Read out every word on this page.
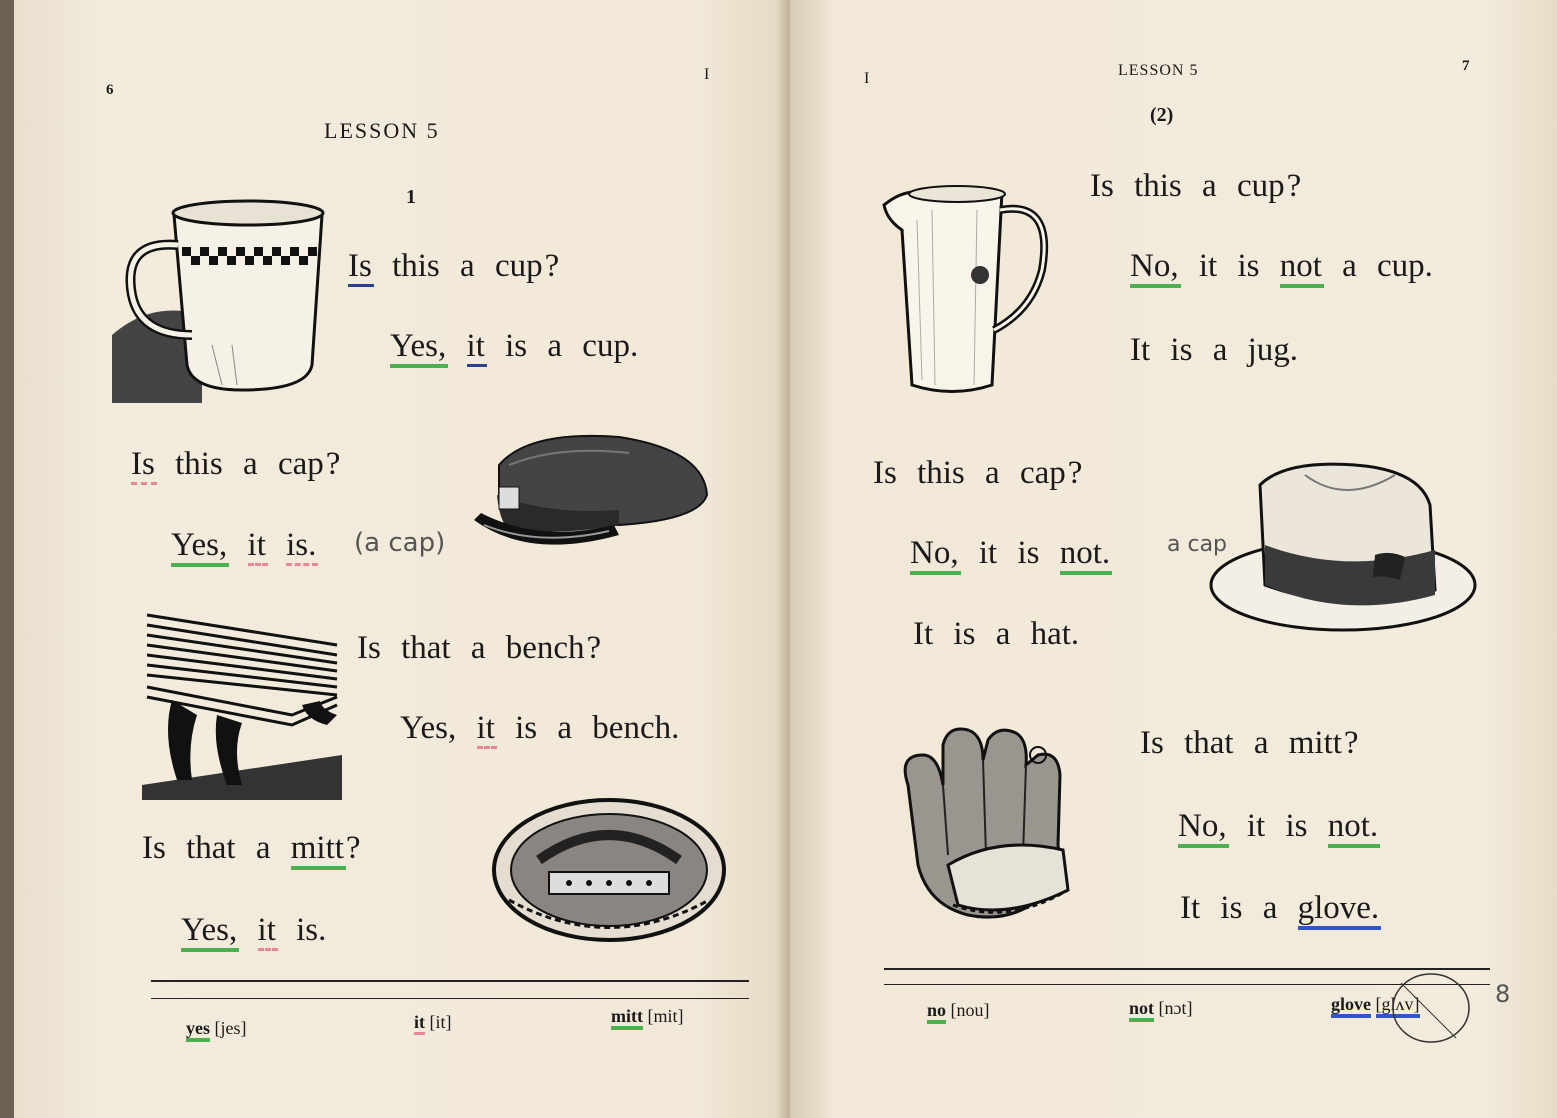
6
I
LESSON 5
1
Is this a cup?
Yes, it is a cup.
Is this a cap?
Yes, it is. (a cap)
Is that a bench?
Yes, it is a bench.
Is that a mitt?
Yes, it is.
yes [jes]	it [it]	mitt [mit]
I	LESSON 5	7
(2)
Is this a cup?
No, it is not a cup.
It is a jug.
Is this a cap?
No, it is not.	a cap
It is a hat.
Is that a mitt?
No, it is not.
It is a glove.
no [nou]	not [nɔt]	glove [glʌv]	8
